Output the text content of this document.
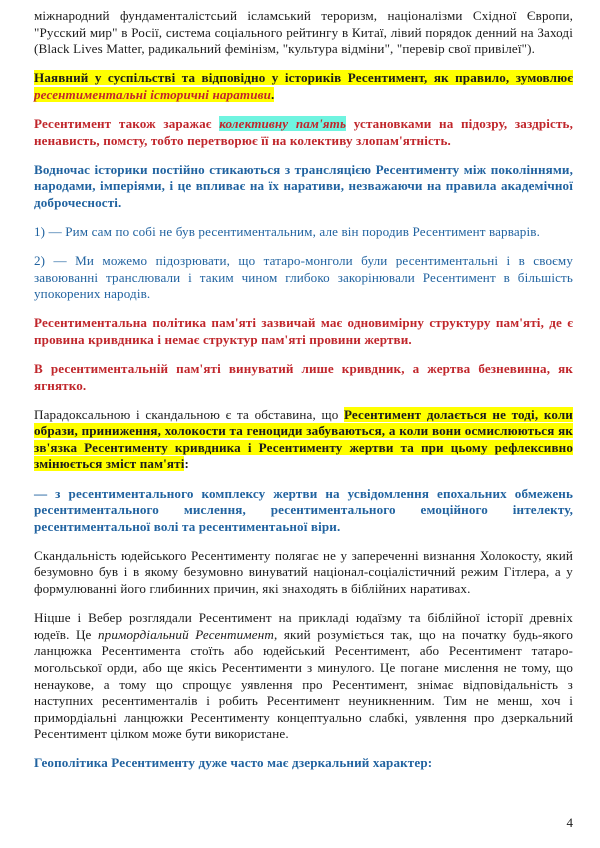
міжнародний фундаменталістсьий ісламський тероризм, націоналізми Східної Європи, "Русский мир" в Росії, система соціального рейтингу в Китаї, лівий порядок денний на Заході (Black Lives Matter, радикальний фемінізм, "культура відміни", "перевір свої привілеї").

Наявний у суспільстві та відповідно у істориків Ресентимент, як правило, зумовлює ресентиментальні історичні наративи.

Ресентимент також заражає колективну пам'ять установками на підозру, заздрість, ненависть, помсту, тобто перетворює її на колективу злопам'ятність.

Водночас історики постійно стикаються з трансляцією Ресентименту між поколіннями, народами, імперіями, і це впливає на їх наративи, незважаючи на правила академічної доброчесності.

1) — Рим сам по собі не був ресентиментальним, але він породив Ресентимент варварів.

2) — Ми можемо підозрювати, що татаро-монголи були ресентиментальні і в своєму завоюванні транслювали і таким чином глибоко закорінювали Ресентимент в більшість упокорених народів.

Ресентиментальна політика пам'яті зазвичай має одновимірну структуру пам'яті, де є провина кривдника і немає структур пам'яті провини жертви.

В ресентиментальній пам'яті винуватий лише кривдник, а жертва безневинна, як ягнятко.

Парадоксальною і скандальною є та обставина, що Ресентимент долається не тоді, коли образи, приниження, холокости та геноциди забуваються, а коли вони осмислюються як зв'язка Ресентименту кривдника і Ресентименту жертви та при цьому рефлексивно змінюється зміст пам'яті:

— з ресентиментального комплексу жертви на усвідомлення епохальних обмежень ресентиментального мислення, ресентиментального емоційного інтелекту, ресентиментальної волі та ресентиментаьної віри.

Скандальність юдейського Ресентименту полягає не у запереченні визнання Холокосту, який безумовно був і в якому безумовно винуватий націонал-соціалістичний режим Гітлера, а у формулюванні його глибинних причин, які знаходять в біблійних наративах.

Ніцше і Вебер розглядали Ресентимент на прикладі юдаїзму та біблійної історії древніх юдеїв. Це примордіальний Ресентимент, який розуміється так, що на початку будь-якого ланцюжка Ресентимента стоїть або юдейський Ресентимент, або Ресентимент татаро-могольської орди, або ще якісь Ресентименти з минулого. Це погане мислення не тому, що ненаукове, а тому що спрощує уявлення про Ресентимент, знімає відповідальність з наступних ресентименталів і робить Ресентимент неуникненним. Тим не менш, хоч і примордіальні ланцюжки Ресентименту концептуально слабкі, уявлення про дзеркальний Ресентимент цілком може бути використане.

Геополітика Ресентименту дуже часто має дзеркальний характер:

4
